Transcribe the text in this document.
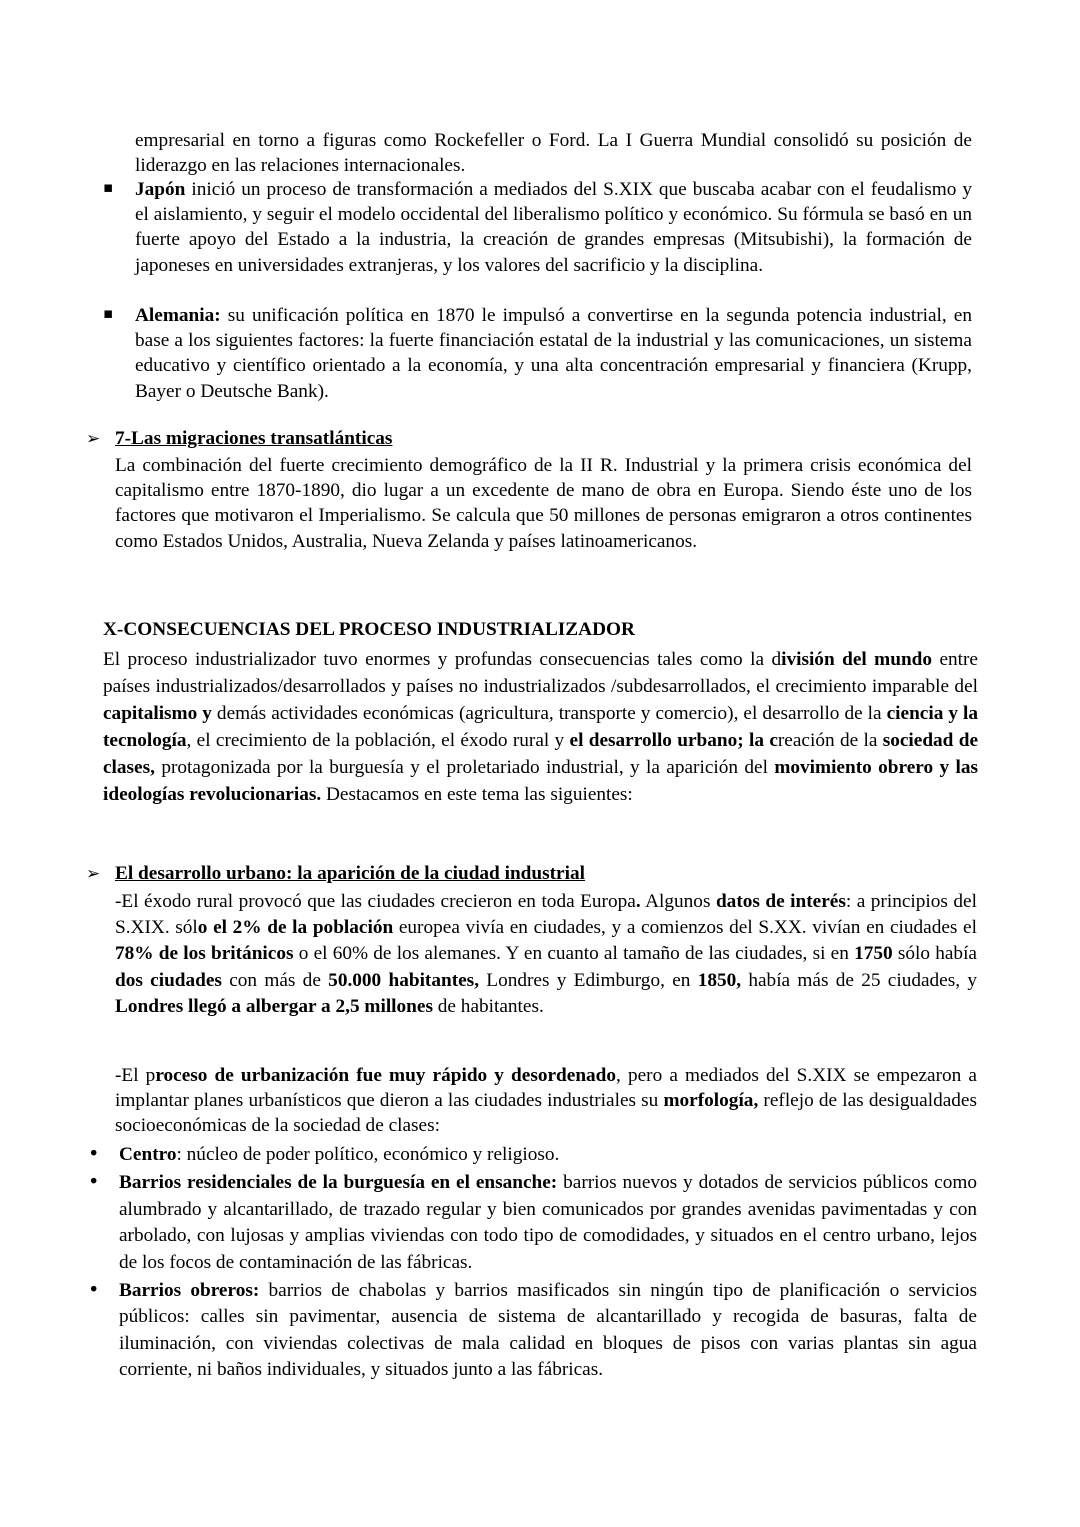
empresarial en torno a figuras como Rockefeller o Ford. La I Guerra Mundial consolidó su posición de liderazgo en las relaciones internacionales.

▪ Japón inició un proceso de transformación a mediados del S.XIX que buscaba acabar con el feudalismo y el aislamiento, y seguir el modelo occidental del liberalismo político y económico. Su fórmula se basó en un fuerte apoyo del Estado a la industria, la creación de grandes empresas (Mitsubishi), la formación de japoneses en universidades extranjeras, y los valores del sacrificio y la disciplina.

▪ Alemania: su unificación política en 1870 le impulsó a convertirse en la segunda potencia industrial, en base a los siguientes factores: la fuerte financiación estatal de la industrial y las comunicaciones, un sistema educativo y científico orientado a la economía, y una alta concentración empresarial y financiera (Krupp, Bayer o Deutsche Bank).

➢ 7-Las migraciones transatlánticas

La combinación del fuerte crecimiento demográfico de la II R. Industrial y la primera crisis económica del capitalismo entre 1870-1890, dio lugar a un excedente de mano de obra en Europa. Siendo éste uno de los factores que motivaron el Imperialismo. Se calcula que 50 millones de personas emigraron a otros continentes como Estados Unidos, Australia, Nueva Zelanda y países latinoamericanos.

X-CONSECUENCIAS DEL PROCESO INDUSTRIALIZADOR

El proceso industrializador tuvo enormes y profundas consecuencias tales como la división del mundo entre países industrializados/desarrollados y países no industrializados /subdesarrollados, el crecimiento imparable del capitalismo y demás actividades económicas (agricultura, transporte y comercio), el desarrollo de la ciencia y la tecnología, el crecimiento de la población, el éxodo rural y el desarrollo urbano; la creación de la sociedad de clases, protagonizada por la burguesía y el proletariado industrial, y la aparición del movimiento obrero y las ideologías revolucionarias. Destacamos en este tema las siguientes:

➢ El desarrollo urbano: la aparición de la ciudad industrial

-El éxodo rural provocó que las ciudades crecieron en toda Europa. Algunos datos de interés: a principios del S.XIX. sólo el 2% de la población europea vivía en ciudades, y a comienzos del S.XX. vivían en ciudades el 78% de los británicos o el 60% de los alemanes. Y en cuanto al tamaño de las ciudades, si en 1750 sólo había dos ciudades con más de 50.000 habitantes, Londres y Edimburgo, en 1850, había más de 25 ciudades, y Londres llegó a albergar a 2,5 millones de habitantes.

-El proceso de urbanización fue muy rápido y desordenado, pero a mediados del S.XIX se empezaron a implantar planes urbanísticos que dieron a las ciudades industriales su morfología, reflejo de las desigualdades socioeconómicas de la sociedad de clases:

• Centro: núcleo de poder político, económico y religioso.

• Barrios residenciales de la burguesía en el ensanche: barrios nuevos y dotados de servicios públicos como alumbrado y alcantarillado, de trazado regular y bien comunicados por grandes avenidas pavimentadas y con arbolado, con lujosas y amplias viviendas con todo tipo de comodidades, y situados en el centro urbano, lejos de los focos de contaminación de las fábricas.

• Barrios obreros: barrios de chabolas y barrios masificados sin ningún tipo de planificación o servicios públicos: calles sin pavimentar, ausencia de sistema de alcantarillado y recogida de basuras, falta de iluminación, con viviendas colectivas de mala calidad en bloques de pisos con varias plantas sin agua corriente, ni baños individuales, y situados junto a las fábricas.
